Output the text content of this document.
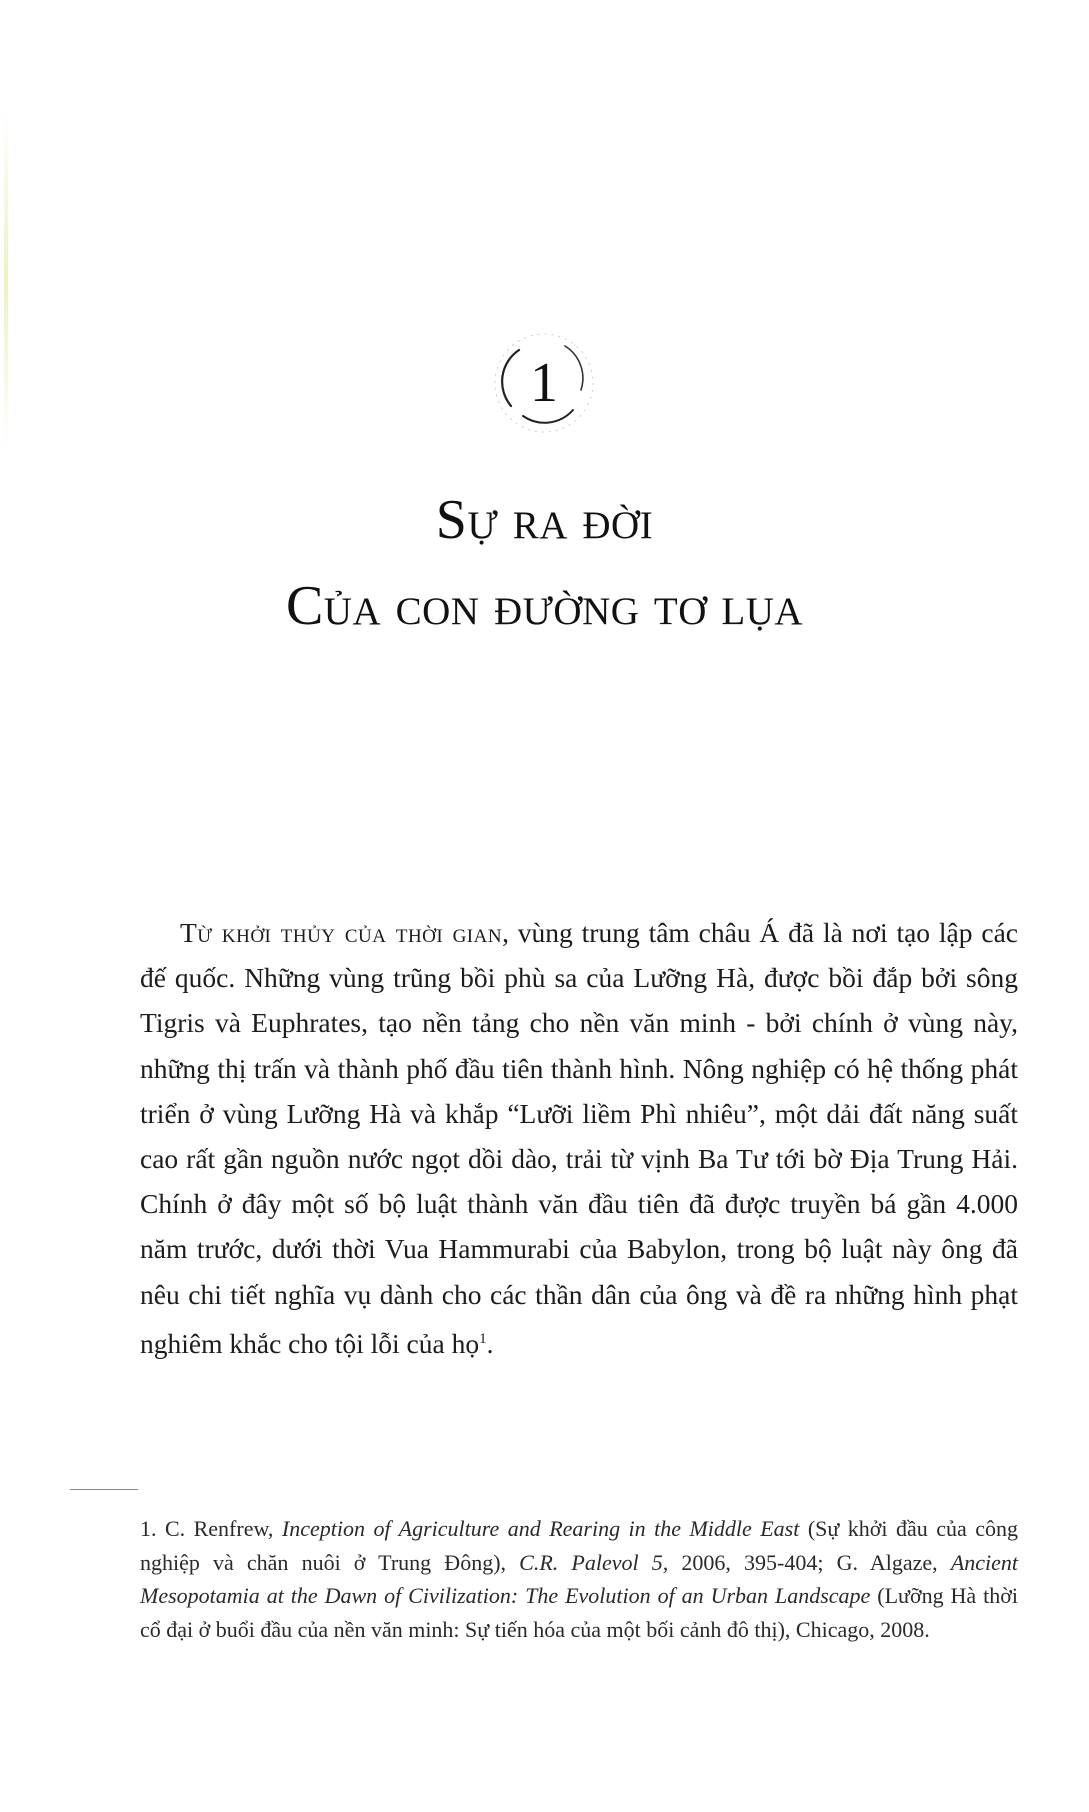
1
Sự ra đời
Của con đường tơ lụa

Từ khởi thủy của thời gian, vùng trung tâm châu Á đã là nơi tạo lập các đế quốc. Những vùng trũng bồi phù sa của Lưỡng Hà, được bồi đắp bởi sông Tigris và Euphrates, tạo nền tảng cho nền văn minh - bởi chính ở vùng này, những thị trấn và thành phố đầu tiên thành hình. Nông nghiệp có hệ thống phát triển ở vùng Lưỡng Hà và khắp “Lưỡi liềm Phì nhiêu”, một dải đất năng suất cao rất gần nguồn nước ngọt dồi dào, trải từ vịnh Ba Tư tới bờ Địa Trung Hải. Chính ở đây một số bộ luật thành văn đầu tiên đã được truyền bá gần 4.000 năm trước, dưới thời Vua Hammurabi của Babylon, trong bộ luật này ông đã nêu chi tiết nghĩa vụ dành cho các thần dân của ông và đề ra những hình phạt nghiêm khắc cho tội lỗi của họ$^1$.

1. C. Renfrew, Inception of Agriculture and Rearing in the Middle East (Sự khởi đầu của công nghiệp và chăn nuôi ở Trung Đông), C.R. Palevol 5, 2006, 395-404; G. Algaze, Ancient Mesopotamia at the Dawn of Civilization: The Evolution of an Urban Landscape (Lưỡng Hà thời cổ đại ở buổi đầu của nền văn minh: Sự tiến hóa của một bối cảnh đô thị), Chicago, 2008.
